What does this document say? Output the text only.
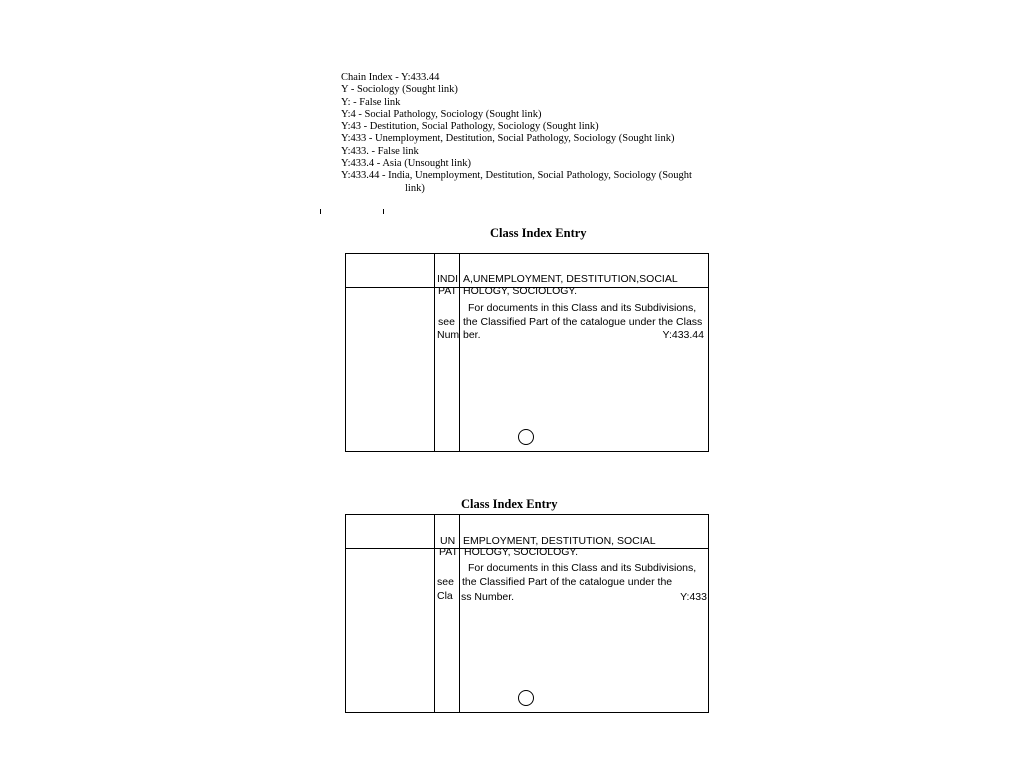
Chain Index - Y:433.44
Y - Sociology (Sought link)
Y: - False link
Y:4 - Social Pathology, Sociology (Sought link)
Y:43 - Destitution, Social Pathology, Sociology (Sought link)
Y:433 - Unemployment, Destitution, Social Pathology, Sociology (Sought link)
Y:433. - False link
Y:433.4 - Asia (Unsought link)
Y:433.44 - India, Unemployment, Destitution, Social Pathology, Sociology (Sought
link)
Class Index Entry
INDI A,UNEMPLOYMENT, DESTITUTION,SOCIAL
PAT HOLOGY, SOCIOLOGY.
For documents in this Class and its Subdivisions,
see the Classified Part of the catalogue under the Class
Num ber.	Y:433.44
Class Index Entry
UN EMPLOYMENT, DESTITUTION, SOCIAL
PAT HOLOGY, SOCIOLOGY.
For documents in this Class and its Subdivisions,
see the Classified Part of the catalogue under the
Cla ss Number.	Y:433
